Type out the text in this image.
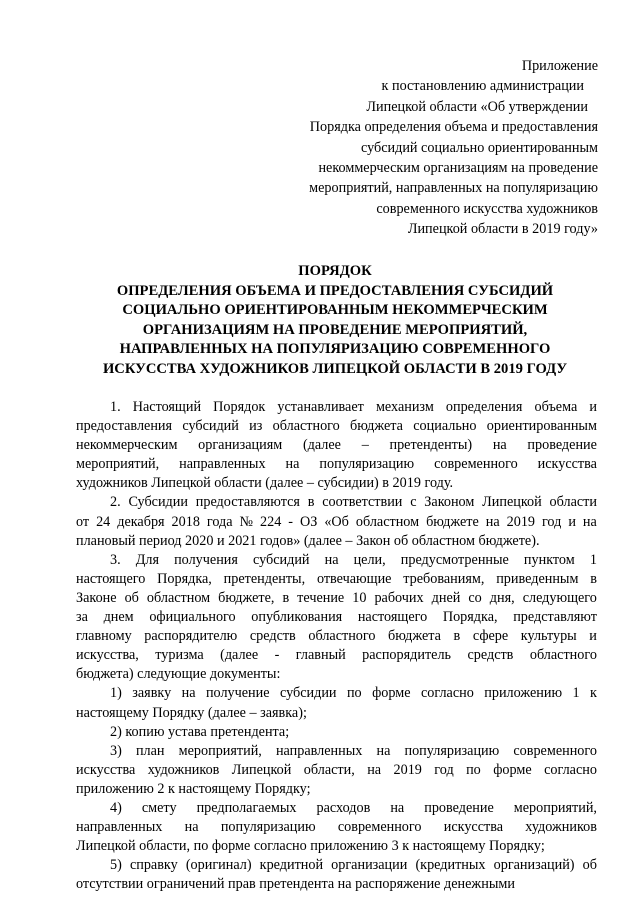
Приложение
к постановлению администрации
Липецкой области «Об утверждении
Порядка определения объема и предоставления
субсидий социально ориентированным
некоммерческим организациям на проведение
мероприятий, направленных на популяризацию
современного искусства художников
Липецкой области в 2019 году»
ПОРЯДОК
ОПРЕДЕЛЕНИЯ ОБЪЕМА И ПРЕДОСТАВЛЕНИЯ СУБСИДИЙ
СОЦИАЛЬНО ОРИЕНТИРОВАННЫМ НЕКОММЕРЧЕСКИМ
ОРГАНИЗАЦИЯМ НА ПРОВЕДЕНИЕ МЕРОПРИЯТИЙ,
НАПРАВЛЕННЫХ НА ПОПУЛЯРИЗАЦИЮ СОВРЕМЕННОГО
ИСКУССТВА ХУДОЖНИКОВ ЛИПЕЦКОЙ ОБЛАСТИ В 2019 ГОДУ
1. Настоящий Порядок устанавливает механизм определения объема и
предоставления субсидий из областного бюджета социально ориентированным
некоммерческим организациям (далее – претенденты) на проведение
мероприятий, направленных на популяризацию современного искусства
художников Липецкой области (далее – субсидии) в 2019 году.
2. Субсидии предоставляются в соответствии с Законом Липецкой области
от 24 декабря 2018 года № 224 - ОЗ «Об областном бюджете на 2019 год и на
плановый период 2020 и 2021 годов» (далее – Закон об областном бюджете).
3. Для получения субсидий на цели, предусмотренные пунктом 1
настоящего Порядка, претенденты, отвечающие требованиям, приведенным в
Законе об областном бюджете, в течение 10 рабочих дней со дня, следующего
за днем официального опубликования настоящего Порядка, представляют
главному распорядителю средств областного бюджета в сфере культуры и
искусства, туризма (далее - главный распорядитель средств областного
бюджета) следующие документы:
1) заявку на получение субсидии по форме согласно приложению 1 к
настоящему Порядку (далее – заявка);
2) копию устава претендента;
3) план мероприятий, направленных на популяризацию современного
искусства художников Липецкой области, на 2019 год по форме согласно
приложению 2 к настоящему Порядку;
4) смету предполагаемых расходов на проведение мероприятий,
направленных на популяризацию современного искусства художников
Липецкой области, по форме согласно приложению 3 к настоящему Порядку;
5) справку (оригинал) кредитной организации (кредитных организаций) об
отсутствии ограничений прав претендента на распоряжение денежными
